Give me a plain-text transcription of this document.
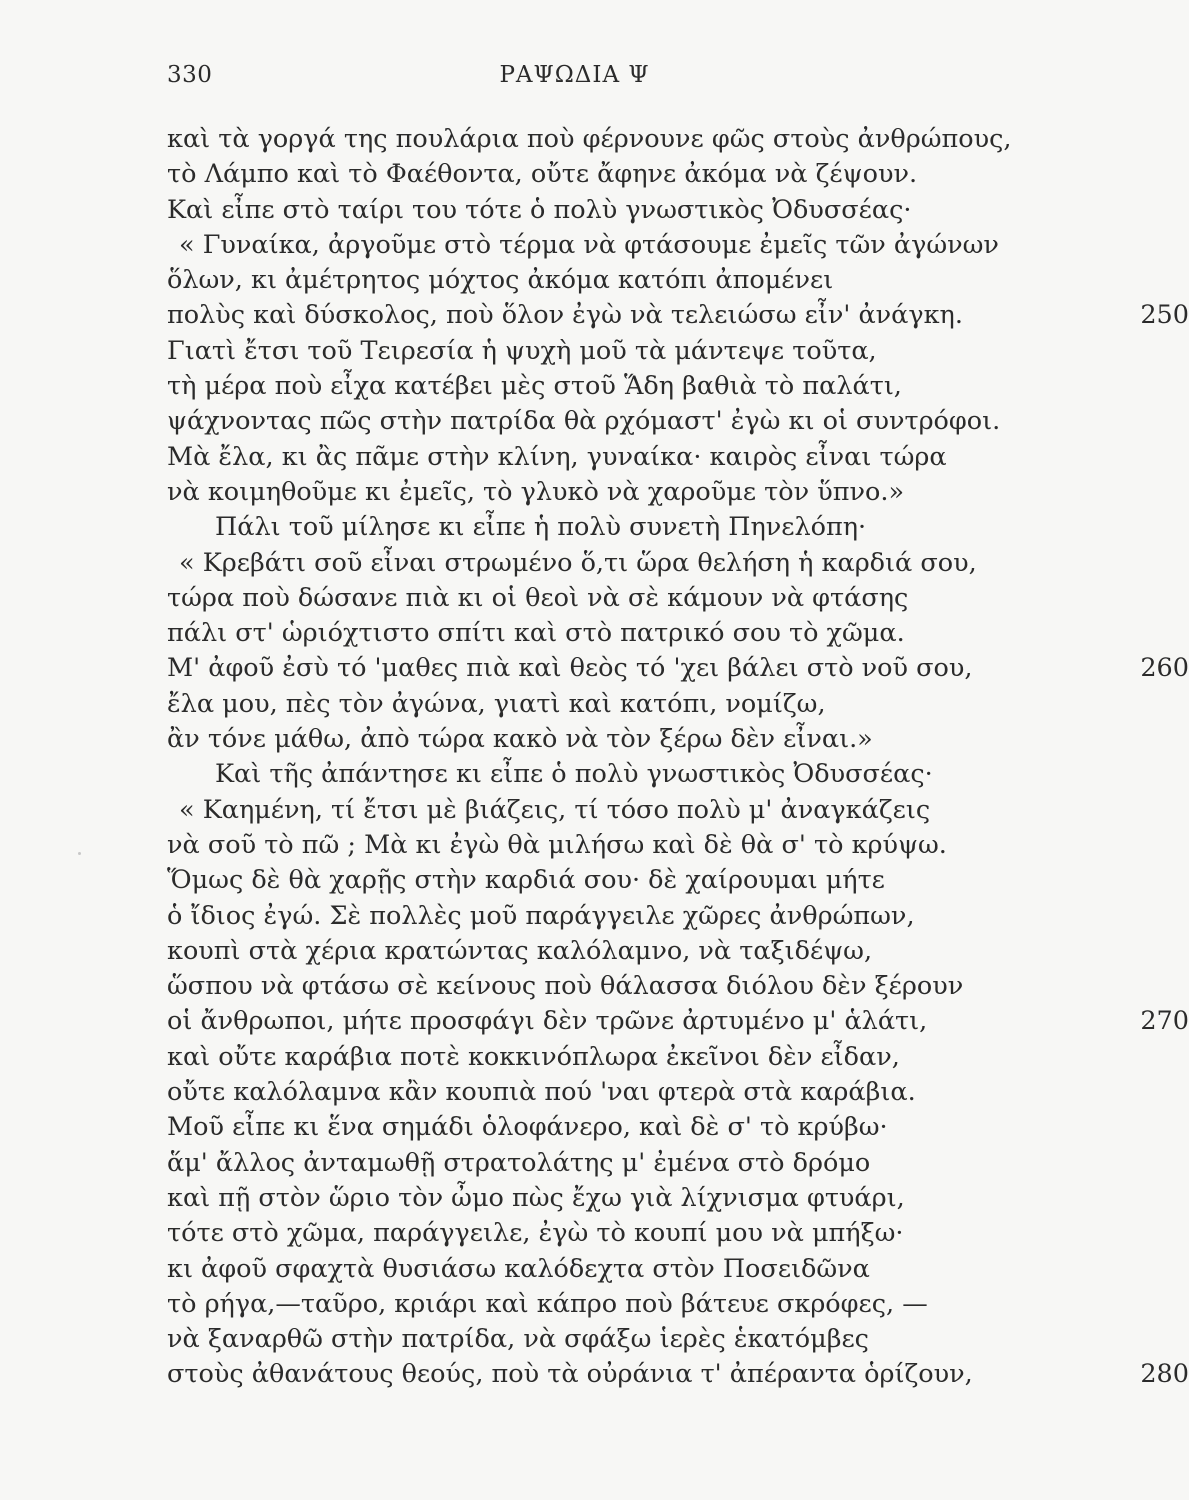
330	ΡΑΨΩΔΙΑ Ψ
καὶ τὰ γοργά της πουλάρια ποὺ φέρνουνε φῶς στοὺς ἀνθρώπους,
τὸ Λάμπο καὶ τὸ Φαέθοντα, οὔτε ἄφηνε ἀκόμα νὰ ζέψουν.
Καὶ εἶπε στὸ ταίρι του τότε ὁ πολὺ γνωστικὸς Ὀδυσσέας·
« Γυναίκα, ἀργοῦμε στὸ τέρμα νὰ φτάσουμε ἐμεῖς τῶν ἀγώνων
ὅλων, κι ἀμέτρητος μόχτος ἀκόμα κατόπι ἀπομένει
πολὺς καὶ δύσκολος, ποὺ ὅλον ἐγὼ νὰ τελειώσω εἶν' ἀνάγκη.	250
Γιατὶ ἔτσι τοῦ Τειρεσία ἡ ψυχὴ μοῦ τὰ μάντεψε τοῦτα,
τὴ μέρα ποὺ εἶχα κατέβει μὲς στοῦ Ἅδη βαθιὰ τὸ παλάτι,
ψάχνοντας πῶς στὴν πατρίδα θὰ ρχόμαστ' ἐγὼ κι οἱ συντρόφοι.
Μὰ ἔλα, κι ἂς πᾶμε στὴν κλίνη, γυναίκα· καιρὸς εἶναι τώρα
νὰ κοιμηθοῦμε κι ἐμεῖς, τὸ γλυκὸ νὰ χαροῦμε τὸν ὕπνο.»
Πάλι τοῦ μίλησε κι εἶπε ἡ πολὺ συνετὴ Πηνελόπη·
« Κρεβάτι σοῦ εἶναι στρωμένο ὅ,τι ὥρα θελήση ἡ καρδιά σου,
τώρα ποὺ δώσανε πιὰ κι οἱ θεοὶ νὰ σὲ κάμουν νὰ φτάσης
πάλι στ' ὡριόχτιστο σπίτι καὶ στὸ πατρικό σου τὸ χῶμα.
Μ' ἀφοῦ ἐσὺ τό 'μαθες πιὰ καὶ θεὸς τό 'χει βάλει στὸ νοῦ σου,	260
ἔλα μου, πὲς τὸν ἀγώνα, γιατὶ καὶ κατόπι, νομίζω,
ἂν τόνε μάθω, ἀπὸ τώρα κακὸ νὰ τὸν ξέρω δὲν εἶναι.»
Καὶ τῆς ἀπάντησε κι εἶπε ὁ πολὺ γνωστικὸς Ὀδυσσέας·
« Καημένη, τί ἔτσι μὲ βιάζεις, τί τόσο πολὺ μ' ἀναγκάζεις
νὰ σοῦ τὸ πῶ ; Μὰ κι ἐγὼ θὰ μιλήσω καὶ δὲ θὰ σ' τὸ κρύψω.
Ὅμως δὲ θὰ χαρῇς στὴν καρδιά σου· δὲ χαίρουμαι μήτε
ὁ ἴδιος ἐγώ. Σὲ πολλὲς μοῦ παράγγειλε χῶρες ἀνθρώπων,
κουπὶ στὰ χέρια κρατώντας καλόλαμνο, νὰ ταξιδέψω,
ὥσπου νὰ φτάσω σὲ κείνους ποὺ θάλασσα διόλου δὲν ξέρουν
οἱ ἄνθρωποι, μήτε προσφάγι δὲν τρῶνε ἀρτυμένο μ' ἁλάτι,	270
καὶ οὔτε καράβια ποτὲ κοκκινόπλωρα ἐκεῖνοι δὲν εἶδαν,
οὔτε καλόλαμνα κἂν κουπιὰ πού 'ναι φτερὰ στὰ καράβια.
Μοῦ εἶπε κι ἕνα σημάδι ὁλοφάνερο, καὶ δὲ σ' τὸ κρύβω·
ἅμ' ἄλλος ἀνταμωθῇ στρατολάτης μ' ἐμένα στὸ δρόμο
καὶ πῇ στὸν ὥριο τὸν ὦμο πὼς ἔχω γιὰ λίχνισμα φτυάρι,
τότε στὸ χῶμα, παράγγειλε, ἐγὼ τὸ κουπί μου νὰ μπήξω·
κι ἀφοῦ σφαχτὰ θυσιάσω καλόδεχτα στὸν Ποσειδῶνα
τὸ ρήγα,—ταῦρο, κριάρι καὶ κάπρο ποὺ βάτευε σκρόφες, —
νὰ ξαναρθῶ στὴν πατρίδα, νὰ σφάξω ἱερὲς ἑκατόμβες
στοὺς ἀθανάτους θεούς, ποὺ τὰ οὐράνια τ' ἀπέραντα ὁρίζουν,	280
